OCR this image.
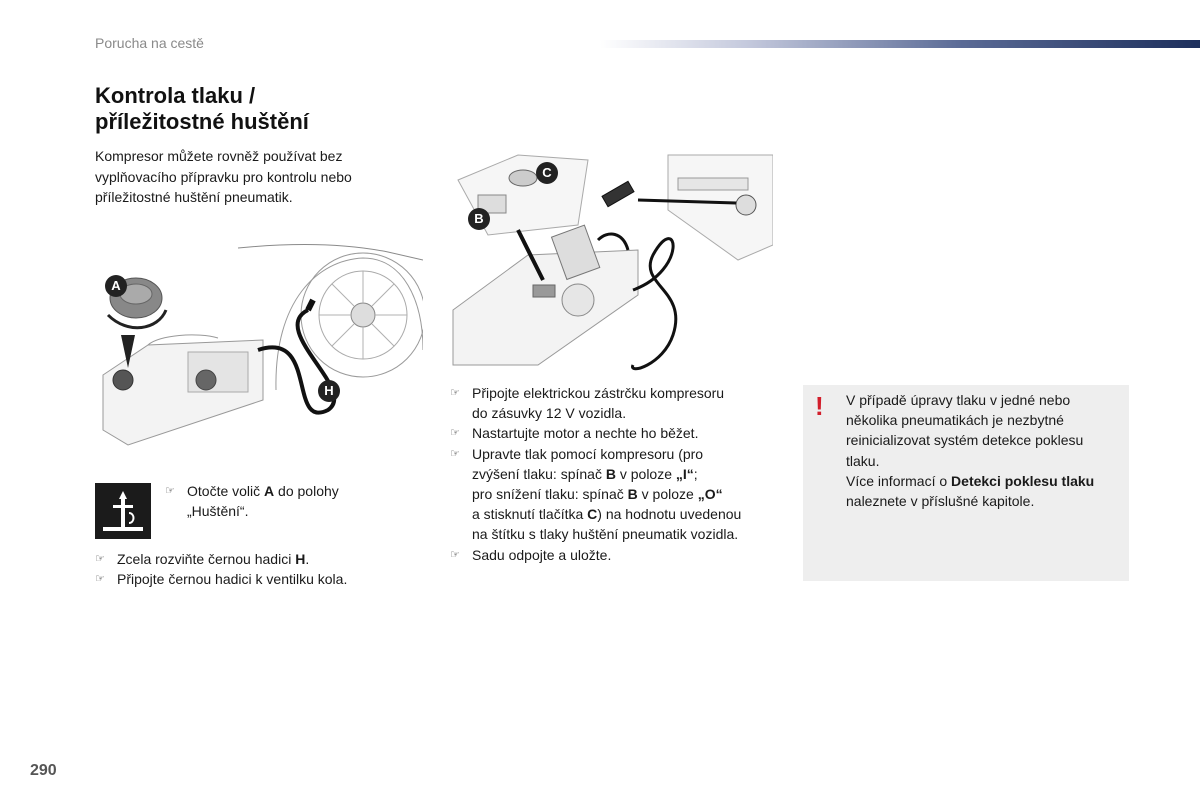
Porucha na cestě
Kontrola tlaku /
příležitostné huštění
Kompresor můžete rovněž používat bez
vyplňovacího přípravku pro kontrolu nebo
příležitostné huštění pneumatik.
A
H
B
C
☞ Otočte volič A do polohy
„Huštění“.
☞ Zcela rozviňte černou hadici H.
☞ Připojte černou hadici k ventilku kola.
☞ Připojte elektrickou zástrčku kompresoru
do zásuvky 12 V vozidla.
☞ Nastartujte motor a nechte ho běžet.
☞ Upravte tlak pomocí kompresoru (pro
zvýšení tlaku: spínač B v poloze „I“;
pro snížení tlaku: spínač B v poloze „O“
a stisknutí tlačítka C) na hodnotu uvedenou
na štítku s tlaky huštění pneumatik vozidla.
☞ Sadu odpojte a uložte.
! V případě úpravy tlaku v jedné nebo
několika pneumatikách je nezbytné
reinicializovat systém detekce poklesu
tlaku.
Více informací o Detekci poklesu tlaku
naleznete v příslušné kapitole.
290
